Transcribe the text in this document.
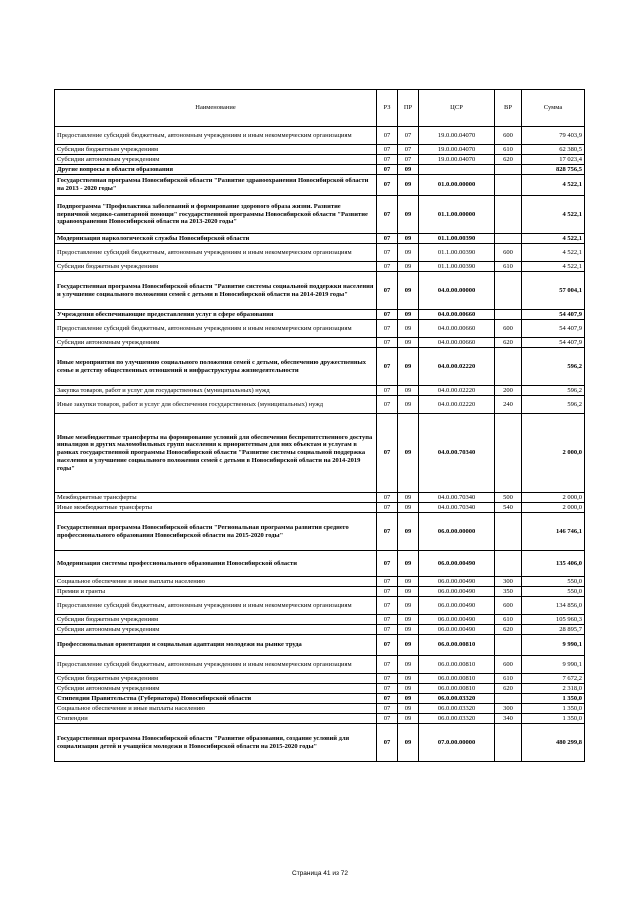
Наименование	РЗ	ПР	ЦСР	ВР	Сумма
Предоставление субсидий бюджетным, автономным учреждениям и иным некоммерческим организациям	07	07	19.0.00.04070	600	79 403,9
Субсидии бюджетным учреждениям	07	07	19.0.00.04070	610	62 380,5
Субсидии автономным учреждениям	07	07	19.0.00.04070	620	17 023,4
Другие вопросы в области образования	07	09			828 756,5
Государственная программа Новосибирской области "Развитие здравоохранения Новосибирской области на 2013 - 2020 годы"	07	09	01.0.00.00000		4 522,1
Подпрограмма "Профилактика заболеваний и формирование здорового образа жизни. Развитие первичной медико-санитарной помощи" государственной программы Новосибирской области "Развитие здравоохранения Новосибирской области на 2013-2020 годы"	07	09	01.1.00.00000		4 522,1
Модернизация наркологической службы Новосибирской области	07	09	01.1.00.00390		4 522,1
Предоставление субсидий бюджетным, автономным учреждениям и иным некоммерческим организациям	07	09	01.1.00.00390	600	4 522,1
Субсидии бюджетным учреждениям	07	09	01.1.00.00390	610	4 522,1
Государственная программа Новосибирской области "Развитие системы социальной поддержки населения и улучшение социального положения семей с детьми в Новосибирской области на 2014-2019 годы"	07	09	04.0.00.00000		57 004,1
Учреждения обеспечивающие предоставления услуг в сфере образования	07	09	04.0.00.00660		54 407,9
Предоставление субсидий бюджетным, автономным учреждениям и иным некоммерческим организациям	07	09	04.0.00.00660	600	54 407,9
Субсидии автономным учреждениям	07	09	04.0.00.00660	620	54 407,9
Иные мероприятия по улучшению социального положения семей с детьми, обеспечению дружественных семье и детству общественных отношений и инфраструктуры жизнедеятельности	07	09	04.0.00.02220		596,2
Закупка товаров, работ и услуг для государственных (муниципальных) нужд	07	09	04.0.00.02220	200	596,2
Иные закупки товаров, работ и услуг для обеспечения государственных (муниципальных) нужд	07	09	04.0.00.02220	240	596,2
Иные межбюджетные трансферты на формирование условий для обеспечения беспрепятственного доступа инвалидов и других маломобильных групп населения к приоритетным для них объектам и услугам в рамках государственной программы Новосибирской области "Развитие системы социальной поддержка населения и улучшение социального положения семей с детьми в Новосибирской области на 2014-2019 годы"	07	09	04.0.00.70340		2 000,0
Межбюджетные трансферты	07	09	04.0.00.70340	500	2 000,0
Иные межбюджетные трансферты	07	09	04.0.00.70340	540	2 000,0
Государственная программа Новосибирской области "Региональная программа развития среднего профессионального образования Новосибирской области на 2015-2020 годы"	07	09	06.0.00.00000		146 746,1
Модернизация системы профессионального образования Новосибирской области	07	09	06.0.00.00490		135 406,0
Социальное обеспечение и иные выплаты населению	07	09	06.0.00.00490	300	550,0
Премии и гранты	07	09	06.0.00.00490	350	550,0
Предоставление субсидий бюджетным, автономным учреждениям и иным некоммерческим организациям	07	09	06.0.00.00490	600	134 856,0
Субсидии бюджетным учреждениям	07	09	06.0.00.00490	610	105 960,3
Субсидии автономным учреждениям	07	09	06.0.00.00490	620	28 895,7
Профессиональная ориентация и социальная адаптация молодежи на рынке труда	07	09	06.0.00.00810		9 990,1
Предоставление субсидий бюджетным, автономным учреждениям и иным некоммерческим организациям	07	09	06.0.00.00810	600	9 990,1
Субсидии бюджетным учреждениям	07	09	06.0.00.00810	610	7 672,2
Субсидии автономным учреждениям	07	09	06.0.00.00810	620	2 318,0
Стипендии Правительства (Губернатора) Новосибирской области	07	09	06.0.00.03320		1 350,0
Социальное обеспечение и иные выплаты населению	07	09	06.0.00.03320	300	1 350,0
Стипендии	07	09	06.0.00.03320	340	1 350,0
Государственная программа Новосибирской области "Развитие образования, создание условий для социализации детей и учащейся молодежи в Новосибирской области на 2015-2020 годы"	07	09	07.0.00.00000		480 299,8
Страница 41 из 72
